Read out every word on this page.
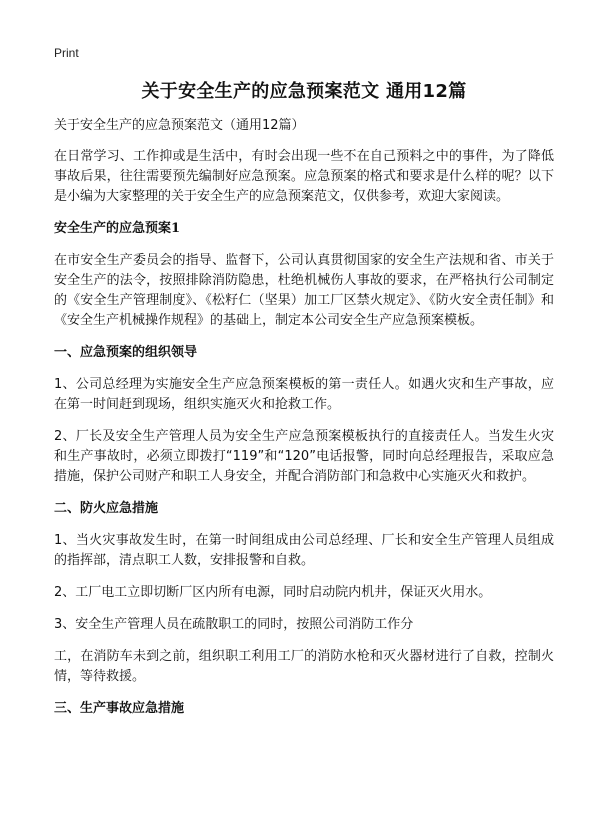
Print
关于安全生产的应急预案范文 通用12篇
关于安全生产的应急预案范文（通用12篇）
在日常学习、工作抑或是生活中，有时会出现一些不在自己预料之中的事件，为了降低事故后果，往往需要预先编制好应急预案。应急预案的格式和要求是什么样的呢？以下是小编为大家整理的关于安全生产的应急预案范文，仅供参考，欢迎大家阅读。
安全生产的应急预案1
在市安全生产委员会的指导、监督下，公司认真贯彻国家的安全生产法规和省、市关于安全生产的法令，按照排除消防隐患，杜绝机械伤人事故的要求，在严格执行公司制定的《安全生产管理制度》、《松籽仁（坚果）加工厂区禁火规定》、《防火安全责任制》和《安全生产机械操作规程》的基础上，制定本公司安全生产应急预案模板。
一、应急预案的组织领导
1、公司总经理为实施安全生产应急预案模板的第一责任人。如遇火灾和生产事故，应在第一时间赶到现场，组织实施灭火和抢救工作。
2、厂长及安全生产管理人员为安全生产应急预案模板执行的直接责任人。当发生火灾和生产事故时，必须立即拨打“119”和“120”电话报警，同时向总经理报告，采取应急措施，保护公司财产和职工人身安全，并配合消防部门和急救中心实施灭火和救护。
二、防火应急措施
1、当火灾事故发生时，在第一时间组成由公司总经理、厂长和安全生产管理人员组成的指挥部，清点职工人数，安排报警和自救。
2、工厂电工立即切断厂区内所有电源，同时启动院内机井，保证灭火用水。
3、安全生产管理人员在疏散职工的同时，按照公司消防工作分
工，在消防车未到之前，组织职工利用工厂的消防水枪和灭火器材进行了自救，控制火情，等待救援。
三、生产事故应急措施
